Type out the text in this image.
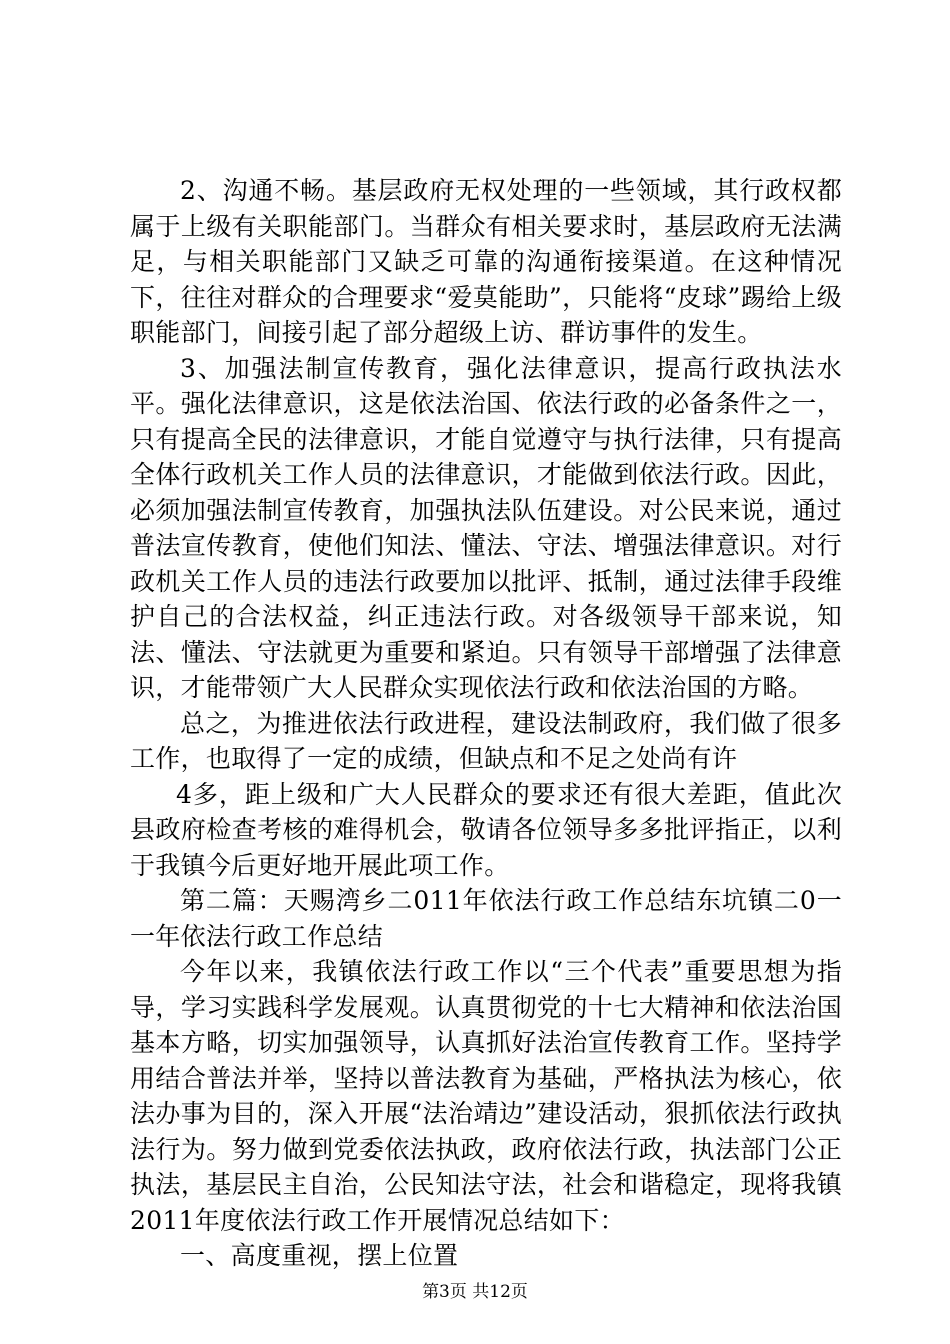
2、沟通不畅。基层政府无权处理的一些领域，其行政权都属于上级有关职能部门。当群众有相关要求时，基层政府无法满足，与相关职能部门又缺乏可靠的沟通衔接渠道。在这种情况下，往往对群众的合理要求“爱莫能助”，只能将“皮球”踢给上级职能部门，间接引起了部分超级上访、群访事件的发生。

3、加强法制宣传教育，强化法律意识，提高行政执法水平。强化法律意识，这是依法治国、依法行政的必备条件之一，只有提高全民的法律意识，才能自觉遵守与执行法律，只有提高全体行政机关工作人员的法律意识，才能做到依法行政。因此，必须加强法制宣传教育，加强执法队伍建设。对公民来说，通过普法宣传教育，使他们知法、懂法、守法、增强法律意识。对行政机关工作人员的违法行政要加以批评、抵制，通过法律手段维护自己的合法权益，纠正违法行政。对各级领导干部来说，知法、懂法、守法就更为重要和紧迫。只有领导干部增强了法律意识，才能带领广大人民群众实现依法行政和依法治国的方略。

总之，为推进依法行政进程，建设法制政府，我们做了很多工作，也取得了一定的成绩，但缺点和不足之处尚有许

4多，距上级和广大人民群众的要求还有很大差距，值此次县政府检查考核的难得机会，敬请各位领导多多批评指正，以利于我镇今后更好地开展此项工作。

第二篇：天赐湾乡二011年依法行政工作总结东坑镇二0一一年依法行政工作总结

今年以来，我镇依法行政工作以“三个代表”重要思想为指导，学习实践科学发展观。认真贯彻党的十七大精神和依法治国基本方略，切实加强领导，认真抓好法治宣传教育工作。坚持学用结合普法并举，坚持以普法教育为基础，严格执法为核心，依法办事为目的，深入开展“法治靖边”建设活动，狠抓依法行政执法行为。努力做到党委依法执政，政府依法行政，执法部门公正执法，基层民主自治，公民知法守法，社会和谐稳定，现将我镇2011年度依法行政工作开展情况总结如下：

一、高度重视，摆上位置

第3页 共12页
